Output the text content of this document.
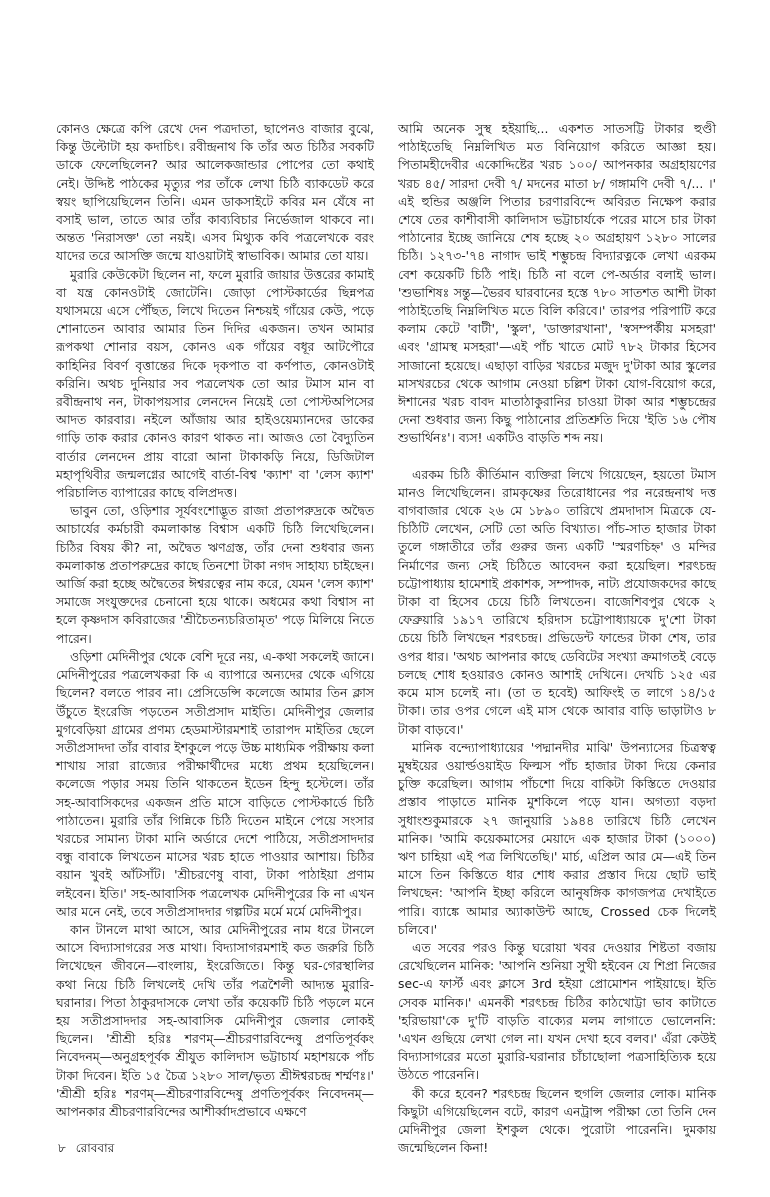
কোনও ক্ষেত্রে কপি রেখে দেন পত্রদাতা, ছাপেনও বাজার বুঝে, কিন্তু উল্টোটা হয় কদাচিৎ। রবীন্দ্রনাথ কি তাঁর অত চিঠির সবকটি ডাকে ফেলেছিলেন? আর আলেকজান্ডার পোপের তো কথাই নেই। উদ্দিষ্ট পাঠকের মৃত্যুর পর তাঁকে লেখা চিঠি ব্যাকডেট করে স্বয়ং ছাপিয়েছিলেন তিনি। এমন ডাকসাইটে কবির মন যেঁষে না বসাই ভাল, তাতে আর তাঁর কাব্যবিচার নির্ভেজাল থাকবে না। অন্তত 'নিরাসক্ত' তো নয়ই। এসব মিথ্যুক কবি পত্রলেখকে বরং যাদের তরে আসক্তি জন্মে যাওয়াটাই স্বাভাবিক। আমার তো যায়।

মুরারি কেউকেটা ছিলেন না, ফলে মুরারি জায়ার উত্তরের কামাই বা যন্ত্র কোনওটাই জোটেনি। জোড়া পোস্টকার্ডের ছিন্নপত্র যথাসময়ে এসে পৌঁছত, লিখে দিতেন নিশ্চয়ই গাঁয়ের কেউ, পড়ে শোনাতেন আবার আমার তিন দিদির একজন। তখন আমার রূপকথা শোনার বয়স, কোনও এক গাঁয়ের বধূর আটপৌরে কাহিনির বিবর্ণ বৃত্তান্তের দিকে দৃকপাত বা কর্ণপাত, কোনওটাই করিনি। অথচ দুনিয়ার সব পত্রলেখক তো আর টমাস মান বা রবীন্দ্রনাথ নন, টাকাপয়সার লেনদেন নিয়েই তো পোস্টঅপিসের আদত কারবার। নইলে আঁজায় আর হাইওয়েম্যানদের ডাকের গাড়ি তাক করার কোনও কারণ থাকত না। আজও তো বৈদ্যুতিন বার্তার লেনদেন প্রায় বারো আনা টাকাকড়ি নিয়ে, ডিজিটাল মহাপৃথিবীর জন্মলগ্নের আগেই বার্তা-বিশ্ব 'ক্যাশ' বা 'লেস ক্যাশ' পরিচালিত ব্যাপারের কাছে বলিপ্রদত্ত।

ভাবুন তো, ওড়িশার সূর্যবংশোদ্ভূত রাজা প্রতাপরুদ্রকে অদ্বৈত আচার্যের কর্মচারী কমলাকান্ত বিশ্বাস একটি চিঠি লিখেছিলেন। চিঠির বিষয় কী? না, অদ্বৈত ঋণগ্রস্ত, তাঁর দেনা শুধবার জন্য কমলাকান্ত প্রতাপরুদ্রের কাছে তিনশো টাকা নগদ সাহায্য চাইছেন। আর্জি করা হচ্ছে অদ্বৈতের ঈশ্বরত্বের নাম করে, যেমন 'লেস ক্যাশ' সমাজে সংযুক্তদের চেনানো হয়ে থাকে। অধমের কথা বিশ্বাস না হলে কৃষ্ণদাস কবিরাজের 'শ্রীচৈতন্যচরিতামৃত' পড়ে মিলিয়ে নিতে পারেন।

ওড়িশা মেদিনীপুর থেকে বেশি দূরে নয়, এ-কথা সকলেই জানে। মেদিনীপুরের পত্রলেখকরা কি এ ব্যাপারে অন্যদের থেকে এগিয়ে ছিলেন? বলতে পারব না। প্রেসিডেন্সি কলেজে আমার তিন ক্লাস উঁচুতে ইংরেজি পড়তেন সতীপ্রসাদ মাইতি। মেদিনীপুর জেলার মুগবেড়িয়া গ্রামের প্রণম্য হেডমাস্টারমশাই তারাপদ মাইতির ছেলে সতীপ্রসাদদা তাঁর বাবার ইশকুলে পড়ে উচ্চ মাধ্যমিক পরীক্ষায় কলা শাখায় সারা রাজ্যের পরীক্ষার্থীদের মধ্যে প্রথম হয়েছিলেন। কলেজে পড়ার সময় তিনি থাকতেন ইডেন হিন্দু হস্টেলে। তাঁর সহ-আবাসিকদের একজন প্রতি মাসে বাড়িতে পোস্টকার্ডে চিঠি পাঠাতেন। মুরারি তাঁর গিন্নিকে চিঠি দিতেন মাইনে পেয়ে সংসার খরচের সামান্য টাকা মানি অর্ডারে দেশে পাঠিয়ে, সতীপ্রসাদদার বন্ধু বাবাকে লিখতেন মাসের খরচ হাতে পাওয়ার আশায়। চিঠির বয়ান খুবই আঁটসাঁট। 'শ্রীচরণেষু বাবা, টাকা পাঠাইয়া প্রণাম লইবেন। ইতি।' সহ-আবাসিক পত্রলেখক মেদিনীপুরের কি না এখন আর মনে নেই, তবে সতীপ্রসাদদার গল্পটির মর্মে মর্মে মেদিনীপুর।

কান টানলে মাথা আসে, আর মেদিনীপুরের নাম ধরে টানলে আসে বিদ্যাসাগরের সত্ত মাথা। বিদ্যাসাগরমশাই কত জরুরি চিঠি লিখেছেন জীবনে—বাংলায়, ইংরেজিতে। কিন্তু ঘর-গেরস্থালির কথা নিয়ে চিঠি লিখলেই দেখি তাঁর পত্রশৈলী আদ্যন্ত মুরারি-ঘরানার। পিতা ঠাকুরদাসকে লেখা তাঁর কয়েকটি চিঠি পড়লে মনে হয় সতীপ্রসাদদার সহ-আবাসিক মেদিনীপুর জেলার লোকই ছিলেন। 'শ্রীশ্রী হরিঃ শরণম্—শ্রীচরণারবিন্দেষু প্রণতিপূর্বকং নিবেদনম্—অনুগ্রহপূর্বক শ্রীযুত কালিদাস ভট্টাচার্য মহাশয়কে পাঁচ টাকা দিবেন। ইতি ১৫ চৈত্র ১২৮০ সাল/ভৃত্য শ্রীঈশ্বরচন্দ্র শর্ম্মণঃ।' 'শ্রীশ্রী হরিঃ শরণম্—শ্রীচরণারবিন্দেষু প্রণতিপূর্বকং নিবেদনম্—আপনকার শ্রীচরণারবিন্দের আশীর্ব্বাদপ্রভাবে এক্ষণে

আমি অনেক সুস্থ হইয়াছি... একশত সাতসট্টি টাকার হুণ্ডী পাঠাইতেছি নিম্নলিখিত মত বিনিয়োগ করিতে আজ্ঞা হয়। পিতামহীদেবীর একোদ্দিষ্টের খরচ ১০০/ আপনকার অগ্রহায়ণের খরচ ৪৫/ সারদা দেবী ৭/ মদনের মাতা ৮/ গঙ্গামণি দেবী ৭/... ।' এই হুন্ডির অঞ্জলি পিতার চরণারবিন্দে অবিরত নিক্ষেপ করার শেষে তের কাশীবাসী কালিদাস ভট্টাচার্যকে পরের মাসে চার টাকা পাঠানোর ইচ্ছে জানিয়ে শেষ হচ্ছে ২০ অগ্রহায়ণ ১২৮০ সালের চিঠি। ১২৭৩-'৭৪ নাগাদ ভাই শম্ভুচন্দ্র বিদ্যারত্নকে লেখা এরকম বেশ কয়েকটি চিঠি পাই। চিঠি না বলে পে-অর্ডার বলাই ভাল। 'শুভাশিষঃ সন্তু—ভৈরব ঘারবানের হস্তে ৭৮০ সাতশত আশী টাকা পাঠাইতেছি নিম্নলিখিত মতে বিলি করিবে।' তারপর পরিপাটি করে কলাম কেটে 'বাটী', 'স্কুল', 'ডাক্তারখানা', 'স্বসম্পর্কীয় মসহরা' এবং 'গ্রামস্থ মসহরা'—এই পাঁচ খাতে মোট ৭৮২ টাকার হিসেব সাজানো হয়েছে। এছাড়া বাড়ির খরচের মজুদ দু'টাকা আর স্কুলের মাসখরচের থেকে আগাম নেওয়া চল্লিশ টাকা যোগ-বিয়োগ করে, ঈশানের খরচ বাবদ মাতাঠাকুরানির চাওয়া টাকা আর শম্ভুচন্দ্রের দেনা শুধবার জন্য কিছু পাঠানোর প্রতিশ্রুতি দিয়ে 'ইতি ১৬ পৌষ শুভার্থিনঃ'। ব্যস! একটিও বাড়তি শব্দ নয়।

এরকম চিঠি কীর্তিমান ব্যক্তিরা লিখে গিয়েছেন, হয়তো টমাস মানও লিখেছিলেন। রামকৃষ্ণের তিরোধানের পর নরেন্দ্রনাথ দত্ত বাগবাজার থেকে ২৬ মে ১৮৯০ তারিখে প্রমদাদাস মিত্রকে যে-চিঠিটি লেখেন, সেটি তো অতি বিখ্যাত। পাঁচ-সাত হাজার টাকা তুলে গঙ্গাতীরে তাঁর গুরুর জন্য একটি 'স্মরণচিহ্ন' ও মন্দির নির্মাণের জন্য সেই চিঠিতে আবেদন করা হয়েছিল। শরৎচন্দ্র চট্টোপাধ্যায় হামেশাই প্রকাশক, সম্পাদক, নাট্য প্রযোজকদের কাছে টাকা বা হিসেব চেয়ে চিঠি লিখতেন। বাজেশিবপুর থেকে ২ ফেব্রুয়ারি ১৯১৭ তারিখে হরিদাস চট্টোপাধ্যায়কে দু'শো টাকা চেয়ে চিঠি লিখছেন শরৎচন্দ্র। প্রভিডেন্ট ফান্ডের টাকা শেষ, তার ওপর ধার। 'অথচ আপনার কাছে ডেবিটের সংখ্যা ক্রমাগতই বেড়ে চলছে শোধ হওয়ারও কোনও আশাই দেখিনে। দেখচি ১২৫ এর কমে মাস চলেই না। (তা ত হবেই) আফিংই ত লাগে ১৪/১৫ টাকা। তার ওপর গেলে এই মাস থেকে আবার বাড়ি ভাড়াটাও ৮ টাকা বাড়বে।'

মানিক বন্দ্যোপাধ্যায়ের 'পদ্মানদীর মাঝি' উপন্যাসের চিত্রস্বত্ব মুম্বইয়ের ওয়ার্ল্ডওয়াইড ফিল্মস পাঁচ হাজার টাকা দিয়ে কেনার চুক্তি করেছিল। আগাম পাঁচশো দিয়ে বাকিটা কিস্তিতে দেওয়ার প্রস্তাব পাড়াতে মানিক মুশকিলে পড়ে যান। অগত্যা বড়দা সুধাংশুকুমারকে ২৭ জানুয়ারি ১৯৪৪ তারিখে চিঠি লেখেন মানিক। 'আমি কয়েকমাসের মেয়াদে এক হাজার টাকা (১০০০) ঋণ চাহিয়া এই পত্র লিখিতেছি।' মার্চ, এপ্রিল আর মে—এই তিন মাসে তিন কিস্তিতে ধার শোধ করার প্রস্তাব দিয়ে ছোট ভাই লিখছেন: 'আপনি ইচ্ছা করিলে আনুষঙ্গিক কাগজপত্র দেখাইতে পারি। ব্যাঙ্কে আমার অ্যাকাউন্ট আছে, Crossed চেক দিলেই চলিবে।'

এত সবের পরও কিন্তু ঘরোয়া খবর দেওয়ার শিষ্টতা বজায় রেখেছিলেন মানিক: 'আপনি শুনিয়া সুখী হইবেন যে শিপ্রা নিজের sec-এ ফার্স্ট এবং ক্লাসে 3rd হইয়া প্রোমোশন পাইয়াছে। ইতি সেবক মানিক।' এমনকী শরৎচন্দ্র চিঠির কাঠখোট্টা ভাব কাটাতে 'হরিভায়া'কে দু'টি বাড়তি বাক্যের মলম লাগাতে ভোলেননি: 'এখন গুছিয়ে লেখা গেল না। যখন দেখা হবে বলব।' এঁরা কেউই বিদ্যাসাগরের মতো মুরারি-ঘরানার চাঁচাছোলা পত্রসাহিত্যিক হয়ে উঠতে পারেননি।

কী করে হবেন? শরৎচন্দ্র ছিলেন হুগলি জেলার লোক। মানিক কিছুটা এগিয়েছিলেন বটে, কারণ এনট্রান্স পরীক্ষা তো তিনি দেন মেদিনীপুর জেলা ইশকুল থেকে। পুরোটা পারেননি। দুমকায় জন্মেছিলেন কিনা!

৮ রোববার
